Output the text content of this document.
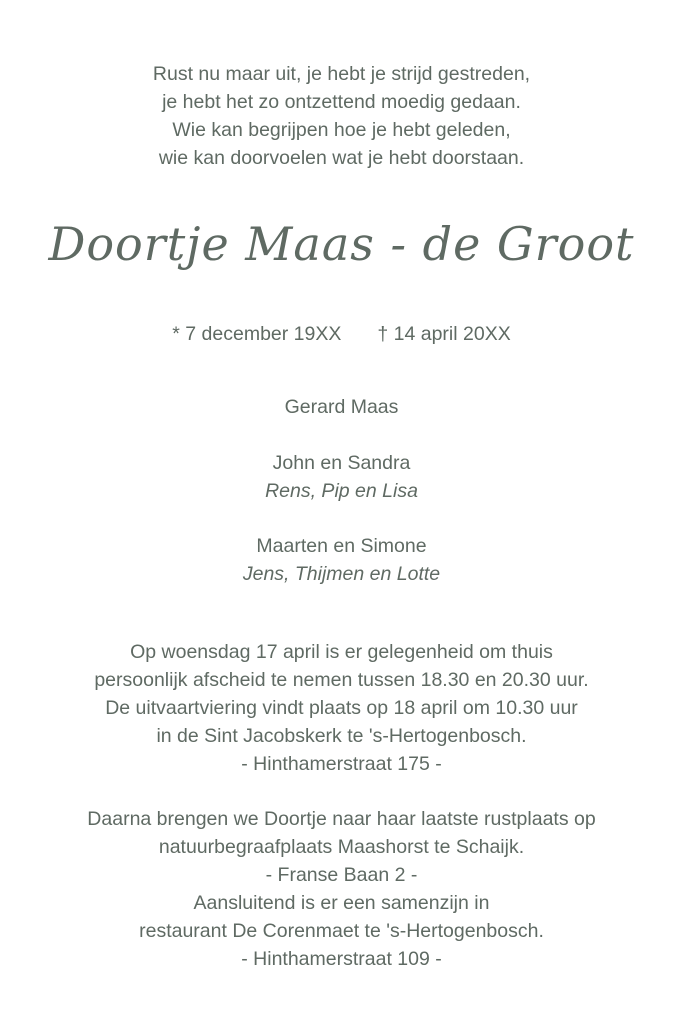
Rust nu maar uit, je hebt je strijd gestreden,
je hebt het zo ontzettend moedig gedaan.
Wie kan begrijpen hoe je hebt geleden,
wie kan doorvoelen wat je hebt doorstaan.
Doortje Maas - de Groot
* 7 december 19XX † 14 april 20XX
Gerard Maas
John en Sandra
Rens, Pip en Lisa
Maarten en Simone
Jens, Thijmen en Lotte
Op woensdag 17 april is er gelegenheid om thuis
persoonlijk afscheid te nemen tussen 18.30 en 20.30 uur.
De uitvaartviering vindt plaats op 18 april om 10.30 uur
in de Sint Jacobskerk te 's-Hertogenbosch.
- Hinthamerstraat 175 -
Daarna brengen we Doortje naar haar laatste rustplaats op
natuurbegraafplaats Maashorst te Schaijk.
- Franse Baan 2 -
Aansluitend is er een samenzijn in
restaurant De Corenmaet te 's-Hertogenbosch.
- Hinthamerstraat 109 -
